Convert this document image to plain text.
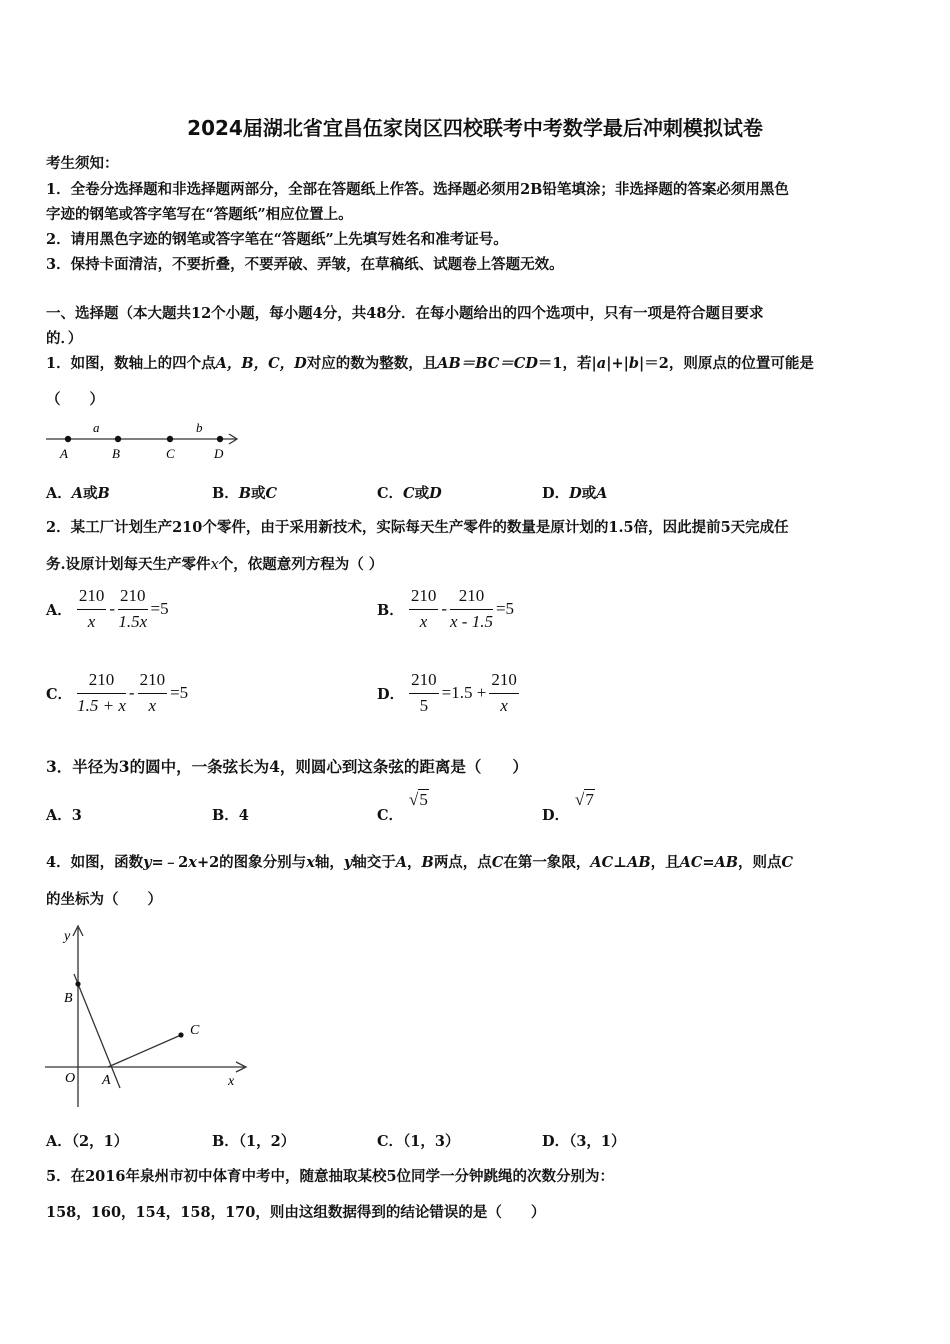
2024届湖北省宜昌伍家岗区四校联考中考数学最后冲刺模拟试卷
考生须知：
1．全卷分选择题和非选择题两部分，全部在答题纸上作答。选择题必须用2B铅笔填涂；非选择题的答案必须用黑色
字迹的钢笔或答字笔写在“答题纸”相应位置上。
2．请用黑色字迹的钢笔或答字笔在“答题纸”上先填写姓名和准考证号。
3．保持卡面清洁，不要折叠，不要弄破、弄皱，在草稿纸、试题卷上答题无效。
一、选择题（本大题共12个小题，每小题4分，共48分．在每小题给出的四个选项中，只有一项是符合题目要求
的．）
1．如图，数轴上的四个点A，B，C，D对应的数为整数，且AB＝BC＝CD＝1，若|a|+|b|＝2，则原点的位置可能是
（　　）
a	b
A	B	C	D
A．A或B	B．B或C	C．C或D	D．D或A
2．某工厂计划生产210个零件，由于采用新技术，实际每天生产零件的数量是原计划的1.5倍，因此提前5天完成任
务.设原计划每天生产零件x个，依题意列方程为（ ）
A． $\frac{210}{x} - \frac{210}{1.5x} =5$	B． $\frac{210}{x} - \frac{210}{x - 1.5} =5$
C． $\frac{210}{1.5 + x} - \frac{210}{x} =5$	D． $\frac{210}{5} =1.5 + \frac{210}{x}$
3．半径为3的圆中，一条弦长为4，则圆心到这条弦的距离是（　　）
A．3	B．4	C．
√5
D．
√7
4．如图，函数y=﹣2x+2的图象分别与x轴，y轴交于A，B两点，点C在第一象限，AC⊥AB，且AC=AB，则点C
的坐标为（　　）
y
B
C
O A	x
A．（2，1）	B．（1，2）	C．（1，3）	D．（3，1）
5．在2016年泉州市初中体育中考中，随意抽取某校5位同学一分钟跳绳的次数分别为：
158，160，154，158，170，则由这组数据得到的结论错误的是（　　）
